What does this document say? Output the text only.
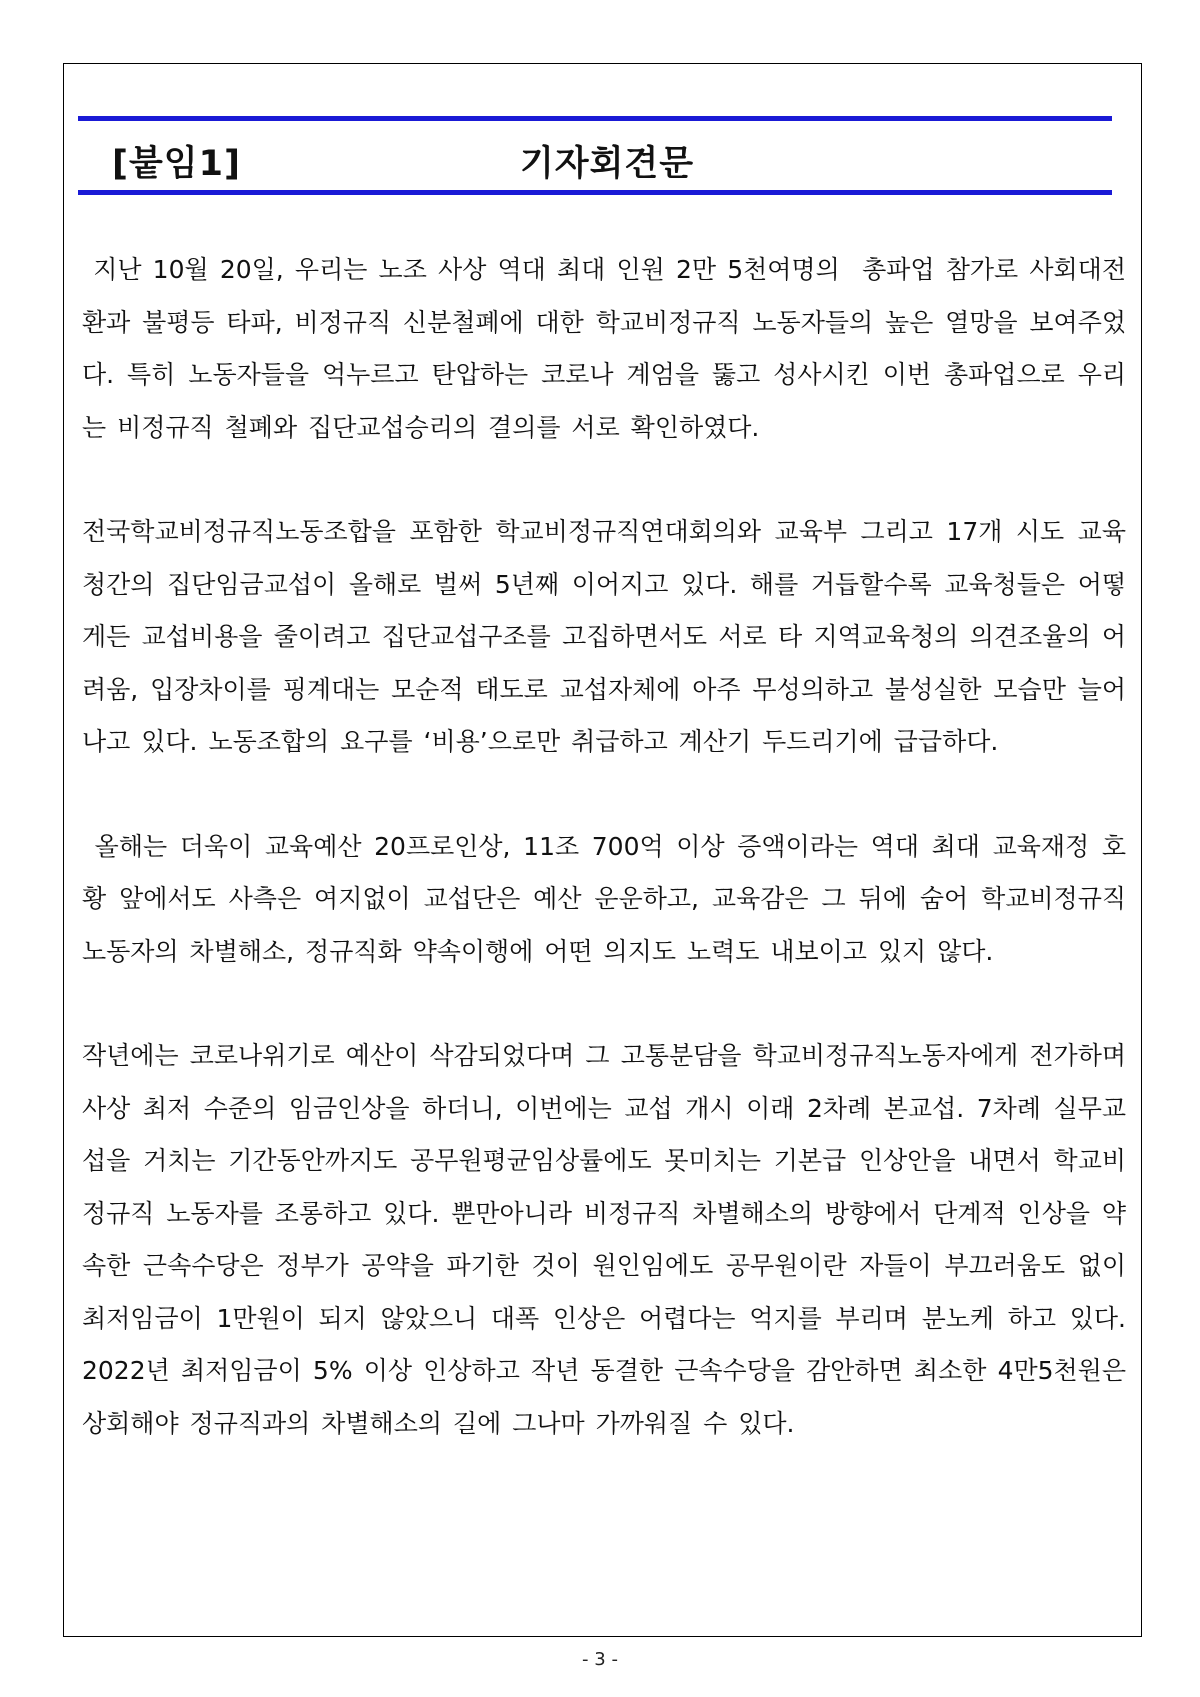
[붙임1]	기자회견문

지난 10월 20일, 우리는 노조 사상 역대 최대 인원 2만 5천여명의  총파업 참가로 사회대전환과 불평등 타파, 비정규직 신분철폐에 대한 학교비정규직 노동자들의 높은 열망을 보여주었다. 특히 노동자들을 억누르고 탄압하는 코로나 계엄을 뚫고 성사시킨 이번 총파업으로 우리는 비정규직 철폐와 집단교섭승리의 결의를 서로 확인하였다.

전국학교비정규직노동조합을 포함한 학교비정규직연대회의와 교육부 그리고 17개 시도 교육청간의 집단임금교섭이 올해로 벌써 5년째 이어지고 있다. 해를 거듭할수록 교육청들은 어떻게든 교섭비용을 줄이려고 집단교섭구조를 고집하면서도 서로 타 지역교육청의 의견조율의 어려움, 입장차이를 핑계대는 모순적 태도로 교섭자체에 아주 무성의하고 불성실한 모습만 늘어나고 있다. 노동조합의 요구를 ‘비용’으로만 취급하고 계산기 두드리기에 급급하다.

올해는 더욱이 교육예산 20프로인상, 11조 700억 이상 증액이라는 역대 최대 교육재정 호황 앞에서도 사측은 여지없이 교섭단은 예산 운운하고, 교육감은 그 뒤에 숨어 학교비정규직노동자의 차별해소, 정규직화 약속이행에 어떤 의지도 노력도 내보이고 있지 않다.

작년에는 코로나위기로 예산이 삭감되었다며 그 고통분담을 학교비정규직노동자에게 전가하며 사상 최저 수준의 임금인상을 하더니, 이번에는 교섭 개시 이래 2차례 본교섭. 7차례 실무교섭을 거치는 기간동안까지도 공무원평균임상률에도 못미치는 기본급 인상안을 내면서 학교비정규직 노동자를 조롱하고 있다. 뿐만아니라 비정규직 차별해소의 방향에서 단계적 인상을 약속한 근속수당은 정부가 공약을 파기한 것이 원인임에도 공무원이란 자들이 부끄러움도 없이 최저임금이 1만원이 되지 않았으니 대폭 인상은 어렵다는 억지를 부리며 분노케 하고 있다. 2022년 최저임금이 5% 이상 인상하고 작년 동결한 근속수당을 감안하면 최소한 4만5천원은 상회해야 정규직과의 차별해소의 길에 그나마 가까워질 수 있다.

- 3 -
